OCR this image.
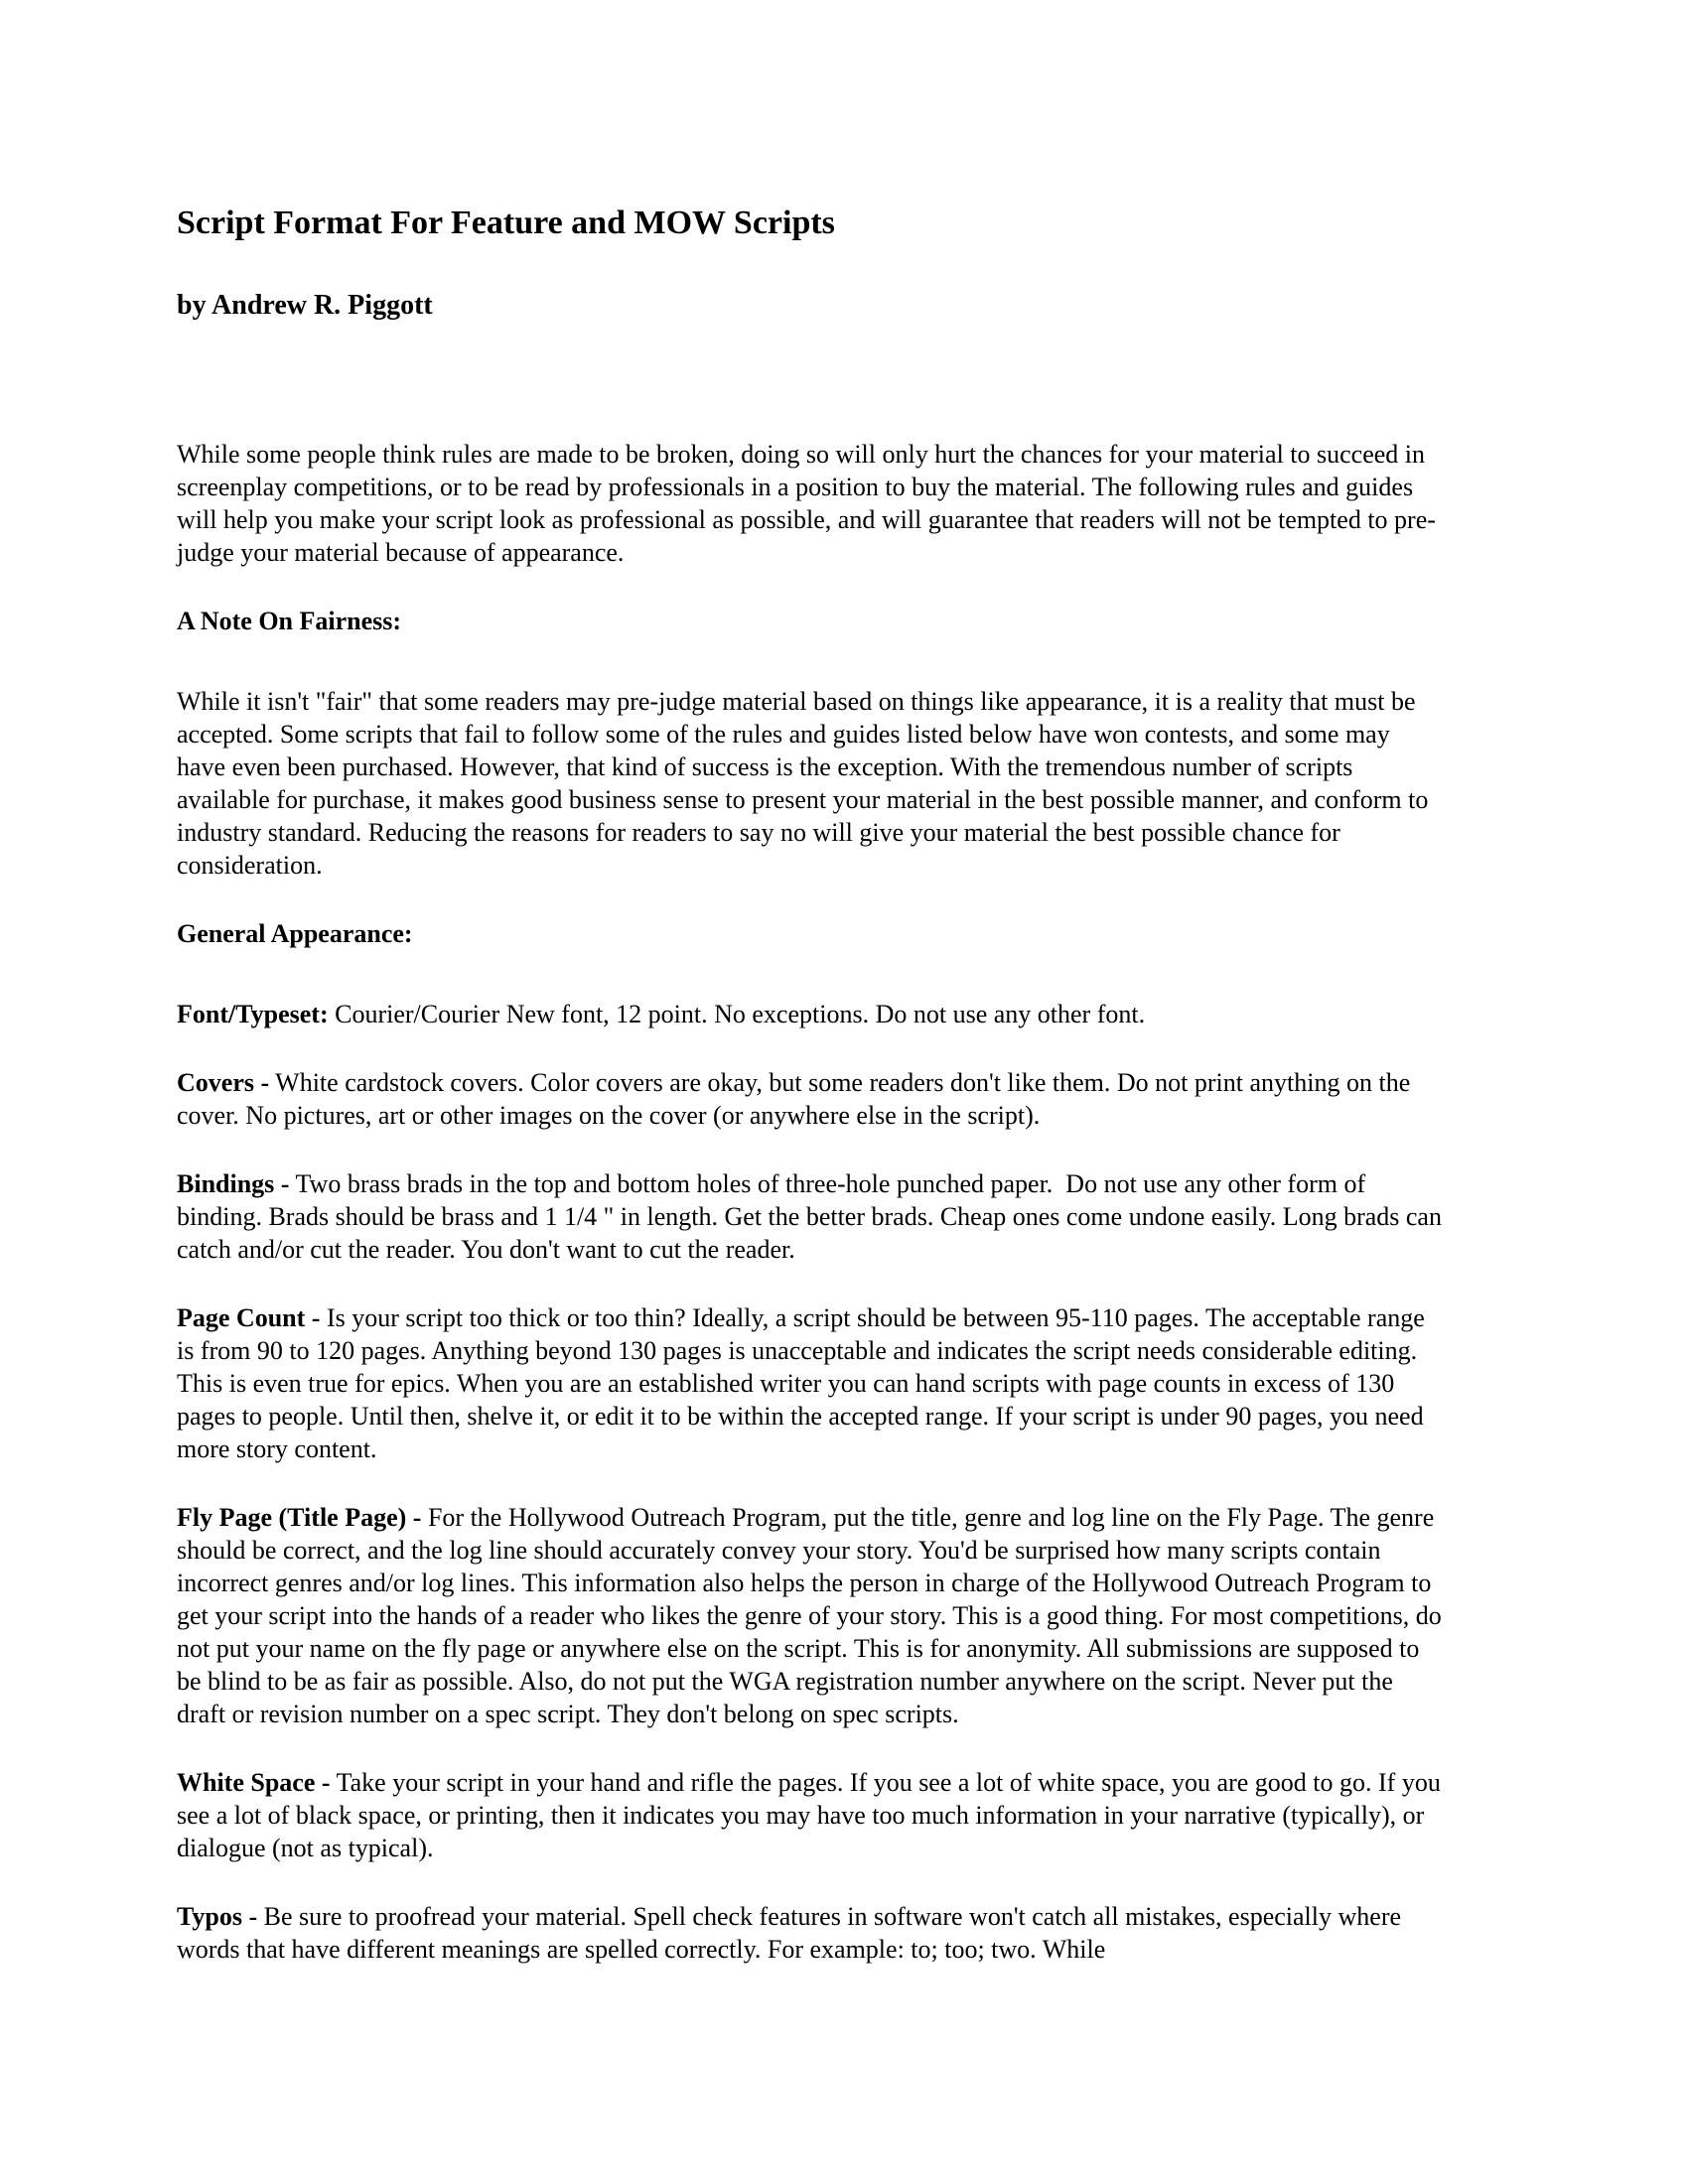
Script Format For Feature and MOW Scripts

by Andrew R. Piggott

While some people think rules are made to be broken, doing so will only hurt the chances for your material to succeed in screenplay competitions, or to be read by professionals in a position to buy the material. The following rules and guides will help you make your script look as professional as possible, and will guarantee that readers will not be tempted to pre-judge your material because of appearance.

A Note On Fairness:

While it isn't "fair" that some readers may pre-judge material based on things like appearance, it is a reality that must be accepted. Some scripts that fail to follow some of the rules and guides listed below have won contests, and some may have even been purchased. However, that kind of success is the exception. With the tremendous number of scripts available for purchase, it makes good business sense to present your material in the best possible manner, and conform to industry standard. Reducing the reasons for readers to say no will give your material the best possible chance for consideration.

General Appearance:

Font/Typeset: Courier/Courier New font, 12 point. No exceptions. Do not use any other font.

Covers - White cardstock covers. Color covers are okay, but some readers don't like them. Do not print anything on the cover. No pictures, art or other images on the cover (or anywhere else in the script).

Bindings - Two brass brads in the top and bottom holes of three-hole punched paper.  Do not use any other form of binding. Brads should be brass and 1 1/4 " in length. Get the better brads. Cheap ones come undone easily. Long brads can catch and/or cut the reader. You don't want to cut the reader.

Page Count - Is your script too thick or too thin? Ideally, a script should be between 95-110 pages. The acceptable range is from 90 to 120 pages. Anything beyond 130 pages is unacceptable and indicates the script needs considerable editing. This is even true for epics. When you are an established writer you can hand scripts with page counts in excess of 130 pages to people. Until then, shelve it, or edit it to be within the accepted range. If your script is under 90 pages, you need more story content.

Fly Page (Title Page) - For the Hollywood Outreach Program, put the title, genre and log line on the Fly Page. The genre should be correct, and the log line should accurately convey your story. You'd be surprised how many scripts contain incorrect genres and/or log lines. This information also helps the person in charge of the Hollywood Outreach Program to get your script into the hands of a reader who likes the genre of your story. This is a good thing. For most competitions, do not put your name on the fly page or anywhere else on the script. This is for anonymity. All submissions are supposed to be blind to be as fair as possible. Also, do not put the WGA registration number anywhere on the script. Never put the draft or revision number on a spec script. They don't belong on spec scripts.

White Space - Take your script in your hand and rifle the pages. If you see a lot of white space, you are good to go. If you see a lot of black space, or printing, then it indicates you may have too much information in your narrative (typically), or dialogue (not as typical).

Typos - Be sure to proofread your material. Spell check features in software won't catch all mistakes, especially where words that have different meanings are spelled correctly. For example: to; too; two. While
